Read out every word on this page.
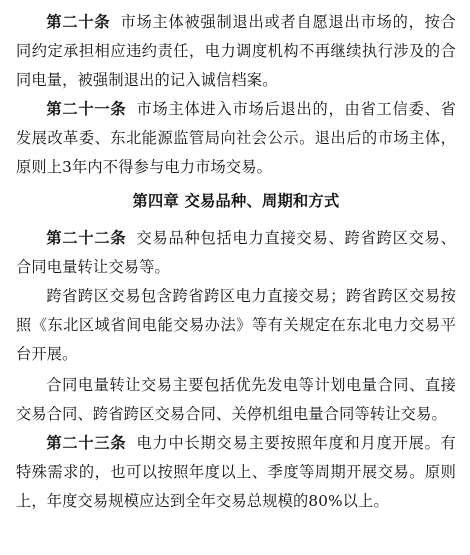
第二十条 市场主体被强制退出或者自愿退出市场的，按合同约定承担相应违约责任，电力调度机构不再继续执行涉及的合同电量，被强制退出的记入诚信档案。

第二十一条 市场主体进入市场后退出的，由省工信委、省发展改革委、东北能源监管局向社会公示。退出后的市场主体，原则上3年内不得参与电力市场交易。

第四章 交易品种、周期和方式

第二十二条 交易品种包括电力直接交易、跨省跨区交易、合同电量转让交易等。

跨省跨区交易包含跨省跨区电力直接交易；跨省跨区交易按照《东北区域省间电能交易办法》等有关规定在东北电力交易平台开展。

合同电量转让交易主要包括优先发电等计划电量合同、直接交易合同、跨省跨区交易合同、关停机组电量合同等转让交易。

第二十三条 电力中长期交易主要按照年度和月度开展。有特殊需求的，也可以按照年度以上、季度等周期开展交易。原则上，年度交易规模应达到全年交易总规模的80%以上。
